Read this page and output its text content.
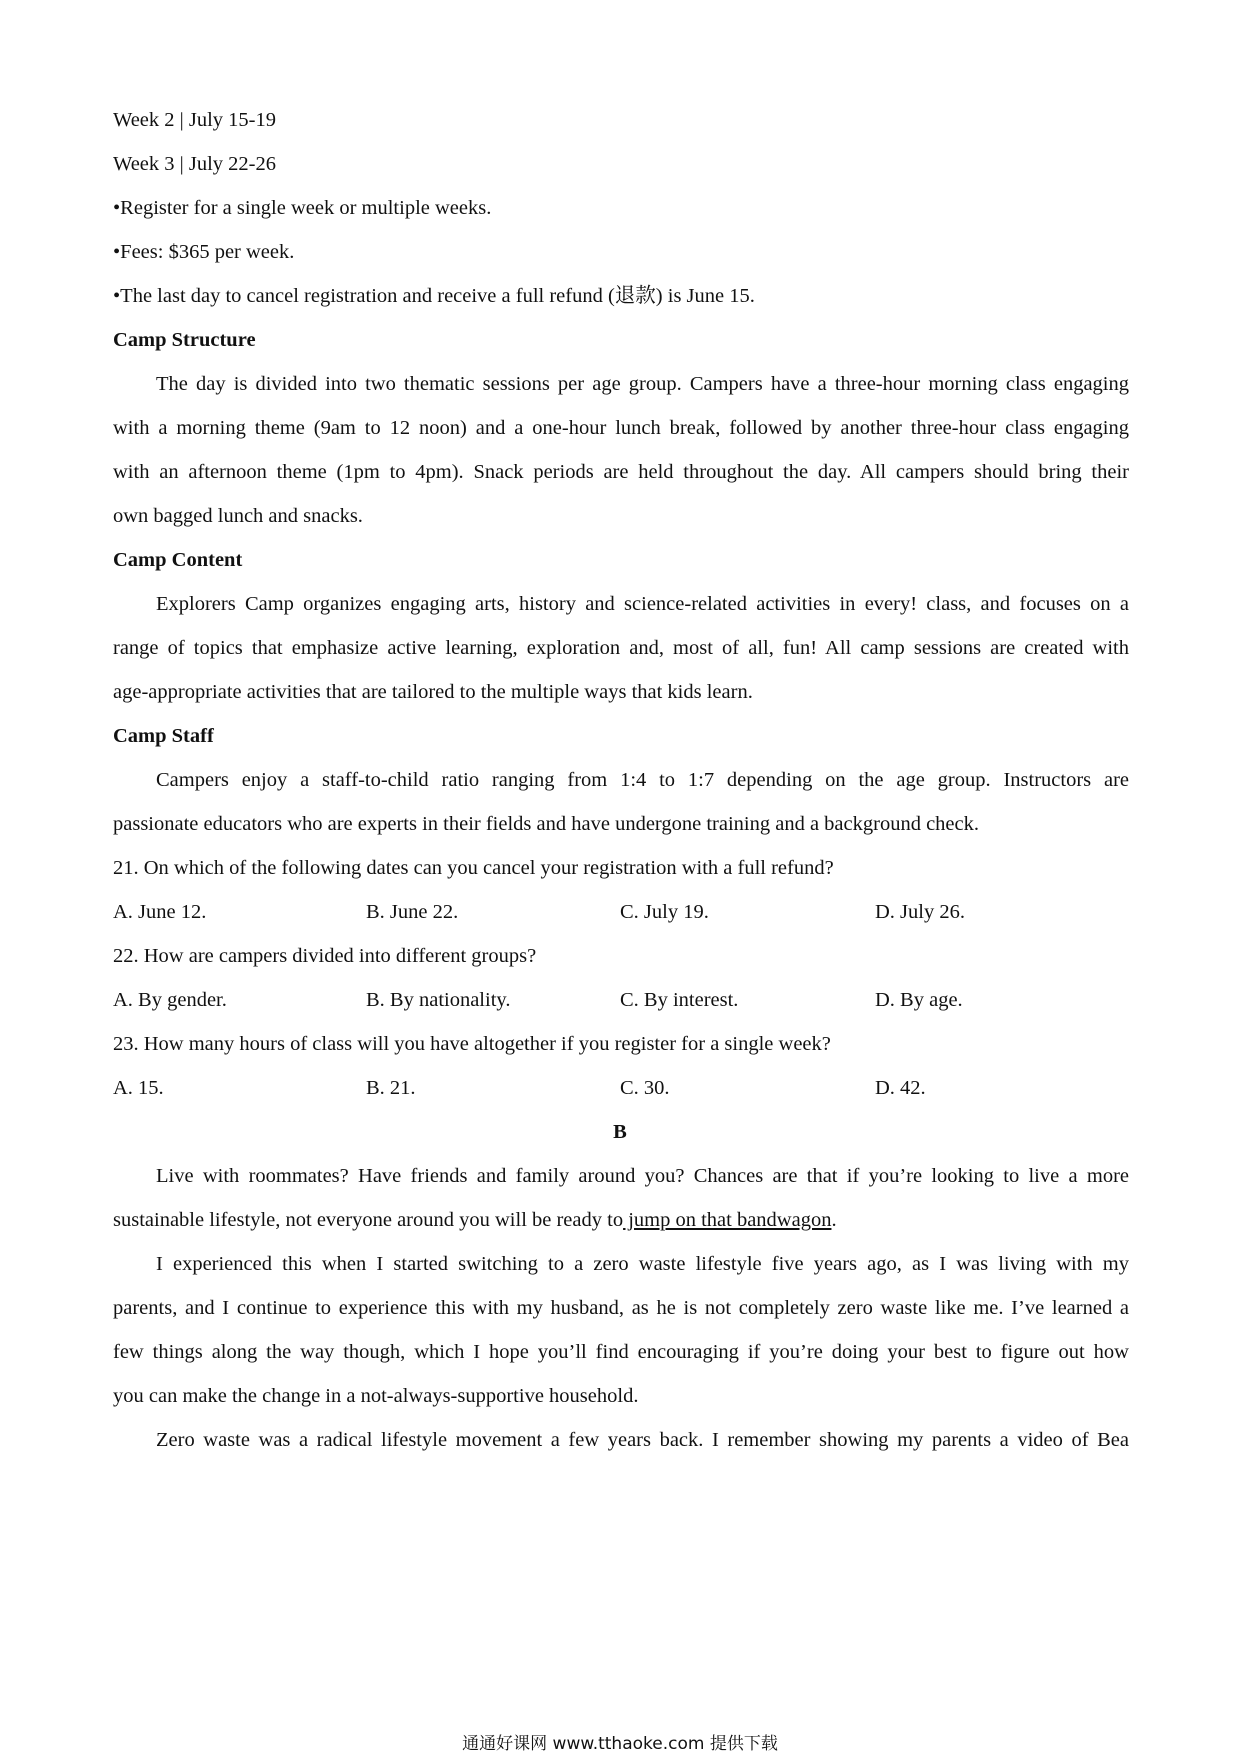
Week 2 | July 15-19
Week 3 | July 22-26
•Register for a single week or multiple weeks.
•Fees: $365 per week.
•The last day to cancel registration and receive a full refund (退款) is June 15.
Camp Structure
The day is divided into two thematic sessions per age group. Campers have a three-hour morning class engaging
with a morning theme (9am to 12 noon) and a one-hour lunch break, followed by another three-hour class engaging
with an afternoon theme (1pm to 4pm). Snack periods are held throughout the day. All campers should bring their
own bagged lunch and snacks.
Camp Content
Explorers Camp organizes engaging arts, history and science-related activities in every! class, and focuses on a
range of topics that emphasize active learning, exploration and, most of all, fun! All camp sessions are created with
age-appropriate activities that are tailored to the multiple ways that kids learn.
Camp Staff
Campers enjoy a staff-to-child ratio ranging from 1:4 to 1:7 depending on the age group. Instructors are
passionate educators who are experts in their fields and have undergone training and a background check.
21. On which of the following dates can you cancel your registration with a full refund?
A. June 12.	B. June 22.	C. July 19.	D. July 26.
22. How are campers divided into different groups?
A. By gender.	B. By nationality.	C. By interest.	D. By age.
23. How many hours of class will you have altogether if you register for a single week?
A. 15.	B. 21.	C. 30.	D. 42.
B
Live with roommates? Have friends and family around you? Chances are that if you’re looking to live a more
sustainable lifestyle, not everyone around you will be ready to jump on that bandwagon.
I experienced this when I started switching to a zero waste lifestyle five years ago, as I was living with my
parents, and I continue to experience this with my husband, as he is not completely zero waste like me. I’ve learned a
few things along the way though, which I hope you’ll find encouraging if you’re doing your best to figure out how
you can make the change in a not-always-supportive household.
Zero waste was a radical lifestyle movement a few years back. I remember showing my parents a video of Bea
通通好课网 www.tthaoke.com 提供下载
